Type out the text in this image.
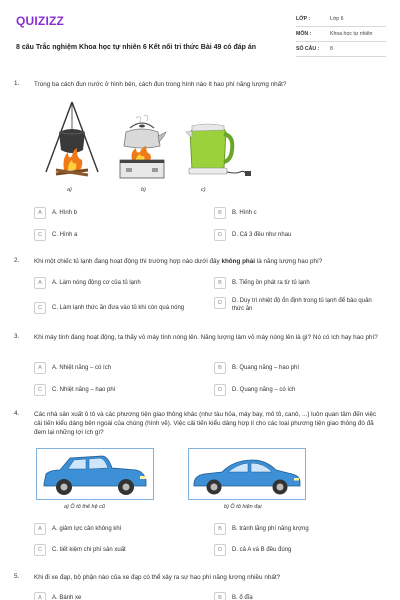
QUIZIZZ
8 câu Trắc nghiệm Khoa học tự nhiên 6 Kết nối tri thức Bài 49 có đáp án
LỚP :	Lớp 6
MÔN :	Khoa học tự nhiên
SỐ CÂU :	8
1. Trong ba cách đun nước ở hình bên, cách đun trong hình nào ít hao phí năng lượng nhất?
a)	b)	c)
A	A. Hình b	B	B. Hình c
C	C. Hình a	D	D. Cả 3 đều như nhau
2. Khi một chiếc tủ lạnh đang hoạt động thì trường hợp nào dưới đây không phải là năng lượng hao phí?
A	A. Làm nóng động cơ của tủ lạnh	B	B. Tiếng ồn phát ra từ tủ lạnh
C	C. Làm lạnh thức ăn đưa vào tủ khi còn quá nóng
D	D. Duy trì nhiệt độ ổn định trong tủ lạnh để bảo quản thức ăn
3. Khi máy tính đang hoạt động, ta thấy vỏ máy tính nóng lên. Năng lượng làm vỏ máy nóng lên là gì? Nó có ích hay hao phí?
A	A. Nhiệt năng – có ích	B	B. Quang năng – hao phí
C	C. Nhiệt năng – hao phí	D	D. Quang năng – có ích
4. Các nhà sản xuất ô tô và các phương tiện giao thông khác (như tàu hỏa, máy bay, mô tô, canô, ...) luôn quan tâm đến việc cải tiến kiểu dáng bên ngoài của chúng (hình vẽ). Việc cải tiến kiểu dáng hợp lí cho các loại phương tiện giao thông đó đã đem lại những lợi ích gì?
a) Ô tô thế hệ cũ	b) Ô tô hiện đại
A	A. giảm lực cản không khí	B	B. tránh lãng phí năng lượng
C	C. tiết kiệm chi phí sản xuất	D	D. cả A và B đều đúng
5. Khi đi xe đạp, bộ phận nào của xe đạp có thể xảy ra sự hao phí năng lượng nhiều nhất?
A	A. Bánh xe	B	B. ổ đĩa
